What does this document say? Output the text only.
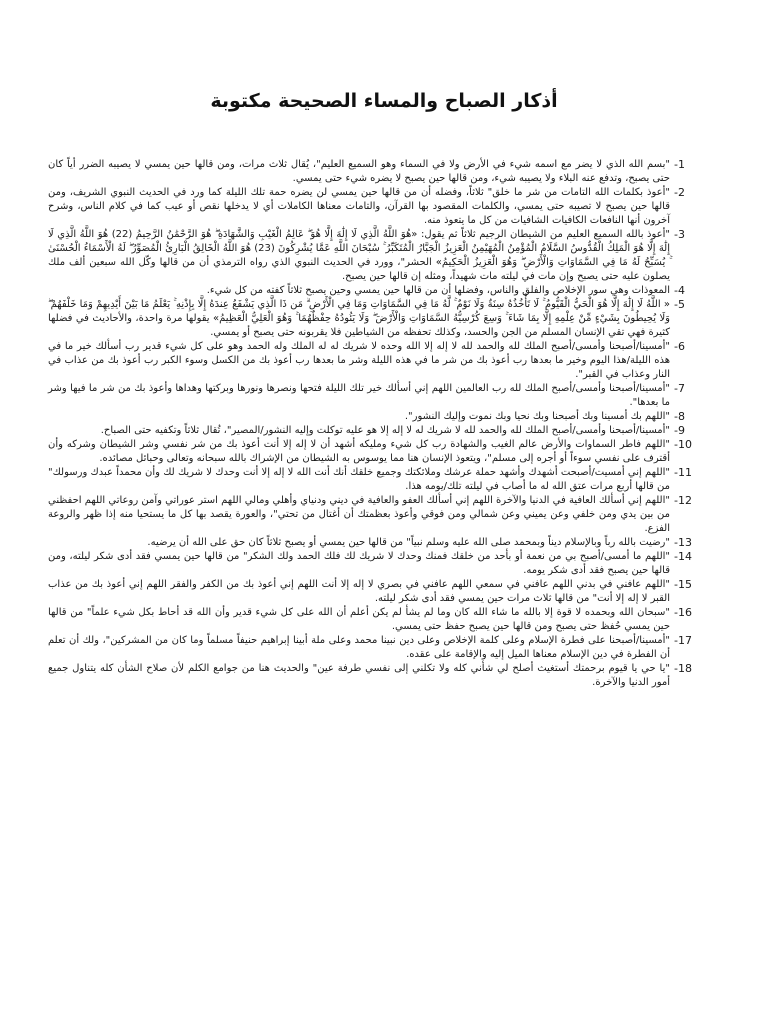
أذكار الصباح والمساء الصحيحة مكتوبة
-1
"بسم الله الذي لا يضر مع اسمه شيء في الأرض ولا في السماء وهو السميع العليم"، يُقال ثلاث مرات، ومن قالها حين يمسي لا يصيبه الضرر أياً كان حتى يصبح، وتدفع عنه البلاء ولا يصيبه شيء، ومن قالها حين يصبح لا يضره شيء حتى يمسي.
-2
"أعوذ بكلمات الله التامات من شر ما خلق" ثلاثاً، وفضله أن من قالها حين يمسي لن يضره حمة تلك الليلة كما ورد في الحديث النبوي الشريف، ومن قالها حين يصبح لا تصيبه حتى يمسي، والكلمات المقصود بها القرآن، والتامات معناها الكاملات أي لا يدخلها نقص أو عيب كما في كلام الناس، وشرح آخرون أنها النافعات الكافيات الشافيات من كل ما يتعوذ منه.
-3
"أعوذ بالله السميع العليم من الشيطان الرجيم ثلاثاً ثم يقول: «هُوَ اللَّهُ الَّذِي لَا إِلَٰهَ إِلَّا هُوَ ۖ عَالِمُ الْغَيْبِ وَالشَّهَادَةِ ۖ هُوَ الرَّحْمَٰنُ الرَّحِيمُ (22) هُوَ اللَّهُ الَّذِي لَا إِلَٰهَ إِلَّا هُوَ الْمَلِكُ الْقُدُّوسُ السَّلَامُ الْمُؤْمِنُ الْمُهَيْمِنُ الْعَزِيزُ الْجَبَّارُ الْمُتَكَبِّرُ ۚ سُبْحَانَ اللَّهِ عَمَّا يُشْرِكُونَ (23) هُوَ اللَّهُ الْخَالِقُ الْبَارِئُ الْمُصَوِّرُ ۖ لَهُ الْأَسْمَاءُ الْحُسْنَىٰ ۚ يُسَبِّحُ لَهُ مَا فِي السَّمَاوَاتِ وَالْأَرْضِ ۖ وَهُوَ الْعَزِيزُ الْحَكِيمُ» الحشر"، وورد في الحديث النبوي الذي رواه الترمذي أن من قالها وكّل الله سبعين ألف ملك يصلون عليه حتى يصبح وإن مات في ليلته مات شهيداً، ومثله إن قالها حين يصبح.
-4
المعوذات وهي سور الإخلاص والفلق والناس، وفضلها أن من قالها حين يمسي وحين يصبح ثلاثاً كفته من كل شيء.
-5
« اللَّهُ لَا إِلَٰهَ إِلَّا هُوَ الْحَيُّ الْقَيُّومُ ۚ لَا تَأْخُذُهُ سِنَةٌ وَلَا نَوْمٌ ۚ لَّهُ مَا فِي السَّمَاوَاتِ وَمَا فِي الْأَرْضِ ۗ مَن ذَا الَّذِي يَشْفَعُ عِندَهُ إِلَّا بِإِذْنِهِ ۚ يَعْلَمُ مَا بَيْنَ أَيْدِيهِمْ وَمَا خَلْفَهُمْ ۖ وَلَا يُحِيطُونَ بِشَيْءٍ مِّنْ عِلْمِهِ إِلَّا بِمَا شَاءَ ۚ وَسِعَ كُرْسِيُّهُ السَّمَاوَاتِ وَالْأَرْضَ ۖ وَلَا يَئُودُهُ حِفْظُهُمَا ۚ وَهُوَ الْعَلِيُّ الْعَظِيمُ» يقولها مرة واحدة، والأحاديث في فضلها كثيرة فهي تقي الإنسان المسلم من الجن والحسد، وكذلك تحفظه من الشياطين فلا يقربونه حتى يصبح أو يمسي.
-6
"أمسينا/أصبحنا وأمسى/أصبح الملك لله والحمد لله لا إله إلا الله وحده لا شريك له له الملك وله الحمد وهو على كل شيء قدير رب أسألك خير ما في هذه الليلة/هذا اليوم وخير ما بعدها رب أعوذ بك من شر ما في هذه الليلة وشر ما بعدها رب أعوذ بك من الكسل وسوء الكبر رب أعوذ بك من عذاب في النار وعذاب في القبر".
-7
"أمسينا/أصبحنا وأمسى/أصبح الملك لله رب العالمين اللهم إني أسألك خير تلك الليلة فتحها ونصرها ونورها وبركتها وهداها وأعوذ بك من شر ما فيها وشر ما بعدها".
-8
"اللهم بك أمسينا وبك أصبحنا وبك نحيا وبك نموت وإليك النشور".
-9
"أمسينا/أصبحنا وأمسى/أصبح الملك لله والحمد لله لا شريك له لا إله إلا هو عليه توكلت وإليه النشور/المصير"، تُقال ثلاثاً وتكفيه حتى الصباح.
-10
"اللهم فاطر السماوات والأرض عالم الغيب والشهادة رب كل شيء ومليكه أشهد أن لا إله إلا أنت أعوذ بك من شر نفسي وشر الشيطان وشركه وأن أقترف على نفسي سوءاً أو أجره إلى مسلم"، ويتعوذ الإنسان هنا مما يوسوس به الشيطان من الإشراك بالله سبحانه وتعالى وحبائل مصائده.
-11
"اللهم إني أمسيت/أصبحت أشهدك وأشهد حملة عرشك وملائكتك وجميع خلقك أنك أنت الله لا إله إلا أنت وحدك لا شريك لك وأن محمداً عبدك ورسولك" من قالها أربع مرات عتق الله له ما أصاب في ليلته تلك/يومه هذا.
-12
"اللهم إني أسألك العافية في الدنيا والآخرة اللهم إني أسألك العفو والعافية في ديني ودنياي وأهلي ومالي اللهم استر عوراتي وآمن روعاتي اللهم احفظني من بين يدي ومن خلفي وعن يميني وعن شمالي ومن فوقي وأعوذ بعظمتك أن أغتال من تحتي"، والعورة يقصد بها كل ما يستحيا منه إذا ظهر والروعة الفزع.
-13
"رضيت بالله رباً وبالإسلام ديناً وبمحمد صلى الله عليه وسلم نبياً" من قالها حين يمسي أو يصبح ثلاثاً كان حق على الله أن يرضيه.
-14
"اللهم ما أمسى/أصبح بي من نعمة أو بأحد من خلقك فمنك وحدك لا شريك لك فلك الحمد ولك الشكر" من قالها حين يمسي فقد أدى شكر ليلته، ومن قالها حين يصبح فقد أدى شكر يومه.
-15
"اللهم عافني في بدني اللهم عافني في سمعي اللهم عافني في بصري لا إله إلا أنت اللهم إني أعوذ بك من الكفر والفقر اللهم إني أعوذ بك من عذاب القبر لا إله إلا أنت" من قالها ثلاث مرات حين يمسي فقد أدى شكر ليلته.
-16
"سبحان الله وبحمده لا قوة إلا بالله ما شاء الله كان وما لم يشأ لم يكن أعلم أن الله على كل شيء قدير وأن الله قد أحاط بكل شيء علماً" من قالها حين يمسي حُفظ حتى يصبح ومن قالها حين يصبح حفظ حتى يمسي.
-17
"أمسينا/أصبحنا على فطرة الإسلام وعلى كلمة الإخلاص وعلى دين نبينا محمد وعلى ملة أبينا إبراهيم حنيفاً مسلماً وما كان من المشركين"، ولك أن تعلم أن الفطرة في دين الإسلام معناها الميل إليه والإقامة على عقده.
-18
"يا حي يا قيوم برحمتك أستغيث أصلح لي شأني كله ولا تكلني إلى نفسي طرفة عين" والحديث هنا من جوامع الكلم لأن صلاح الشأن كله يتناول جميع أمور الدنيا والآخرة.
